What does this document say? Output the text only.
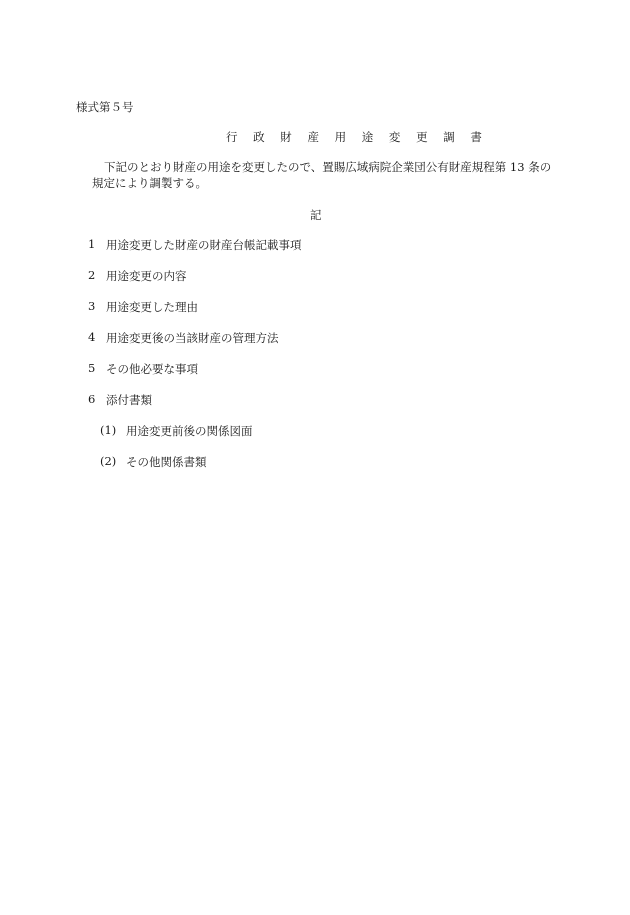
様式第５号
行 政 財 産 用 途 変 更 調 書
下記のとおり財産の用途を変更したので、置賜広域病院企業団公有財産規程第 13 条の
規定により調製する。
記
1 用途変更した財産の財産台帳記載事項
2 用途変更の内容
3 用途変更した理由
4 用途変更後の当該財産の管理方法
5 その他必要な事項
6 添付書類
(1) 用途変更前後の関係図面
(2) その他関係書類
